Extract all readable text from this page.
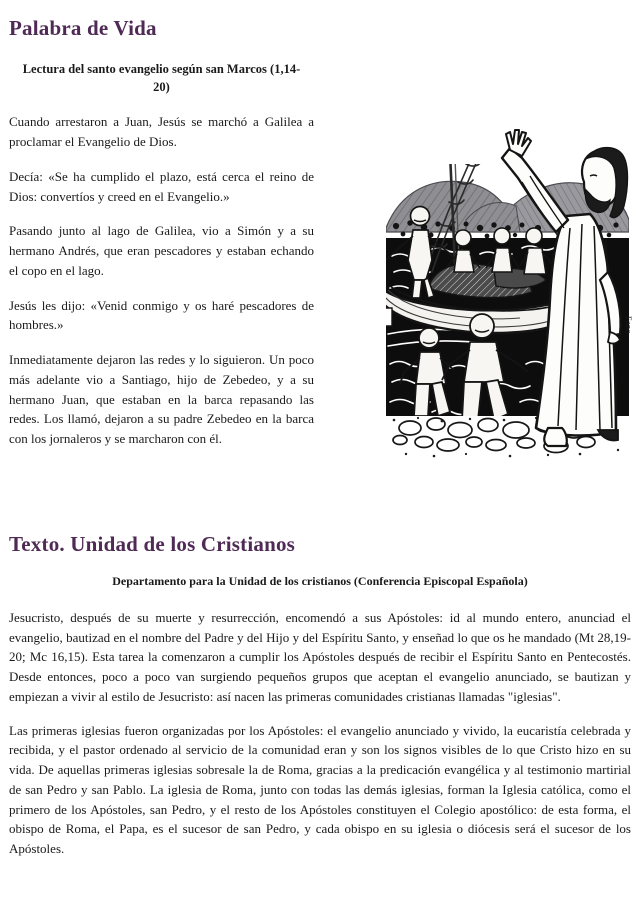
Palabra de Vida

Lectura del santo evangelio según san Marcos (1,14-20)

Cuando arrestaron a Juan, Jesús se marchó a Galilea a proclamar el Evangelio de Dios.

Decía: «Se ha cumplido el plazo, está cerca el reino de Dios: convertíos y creed en el Evangelio.»

Pasando junto al lago de Galilea, vio a Simón y a su hermano Andrés, que eran pescadores y estaban echando el copo en el lago.

Jesús les dijo: «Venid conmigo y os haré pescadores de hombres.»

Inmediatamente dejaron las redes y lo siguieron. Un poco más adelante vio a Santiago, hijo de Zebedeo, y a su hermano Juan, que estaban en la barca repasando las redes. Los llamó, dejaron a su padre Zebedeo en la barca con los jornaleros y se marcharon con él.

Fano
Texto. Unidad de los Cristianos

Departamento para la Unidad de los cristianos (Conferencia Episcopal Española)

Jesucristo, después de su muerte y resurrección, encomendó a sus Apóstoles: id al mundo entero, anunciad el evangelio, bautizad en el nombre del Padre y del Hijo y del Espíritu Santo, y enseñad lo que os he mandado (Mt 28,19-20; Mc 16,15). Esta tarea la comenzaron a cumplir los Apóstoles después de recibir el Espíritu Santo en Pentecostés. Desde entonces, poco a poco van surgiendo pequeños grupos que aceptan el evangelio anunciado, se bautizan y empiezan a vivir al estilo de Jesucristo: así nacen las primeras comunidades cristianas llamadas "iglesias".

Las primeras iglesias fueron organizadas por los Apóstoles: el evangelio anunciado y vivido, la eucaristía celebrada y recibida, y el pastor ordenado al servicio de la comunidad eran y son los signos visibles de lo que Cristo hizo en su vida. De aquellas primeras iglesias sobresale la de Roma, gracias a la predicación evangélica y al testimonio martirial de san Pedro y san Pablo. La iglesia de Roma, junto con todas las demás iglesias, forman la Iglesia católica, como el primero de los Apóstoles, san Pedro, y el resto de los Apóstoles constituyen el Colegio apostólico: de esta forma, el obispo de Roma, el Papa, es el sucesor de san Pedro, y cada obispo en su iglesia o diócesis será el sucesor de los Apóstoles.
